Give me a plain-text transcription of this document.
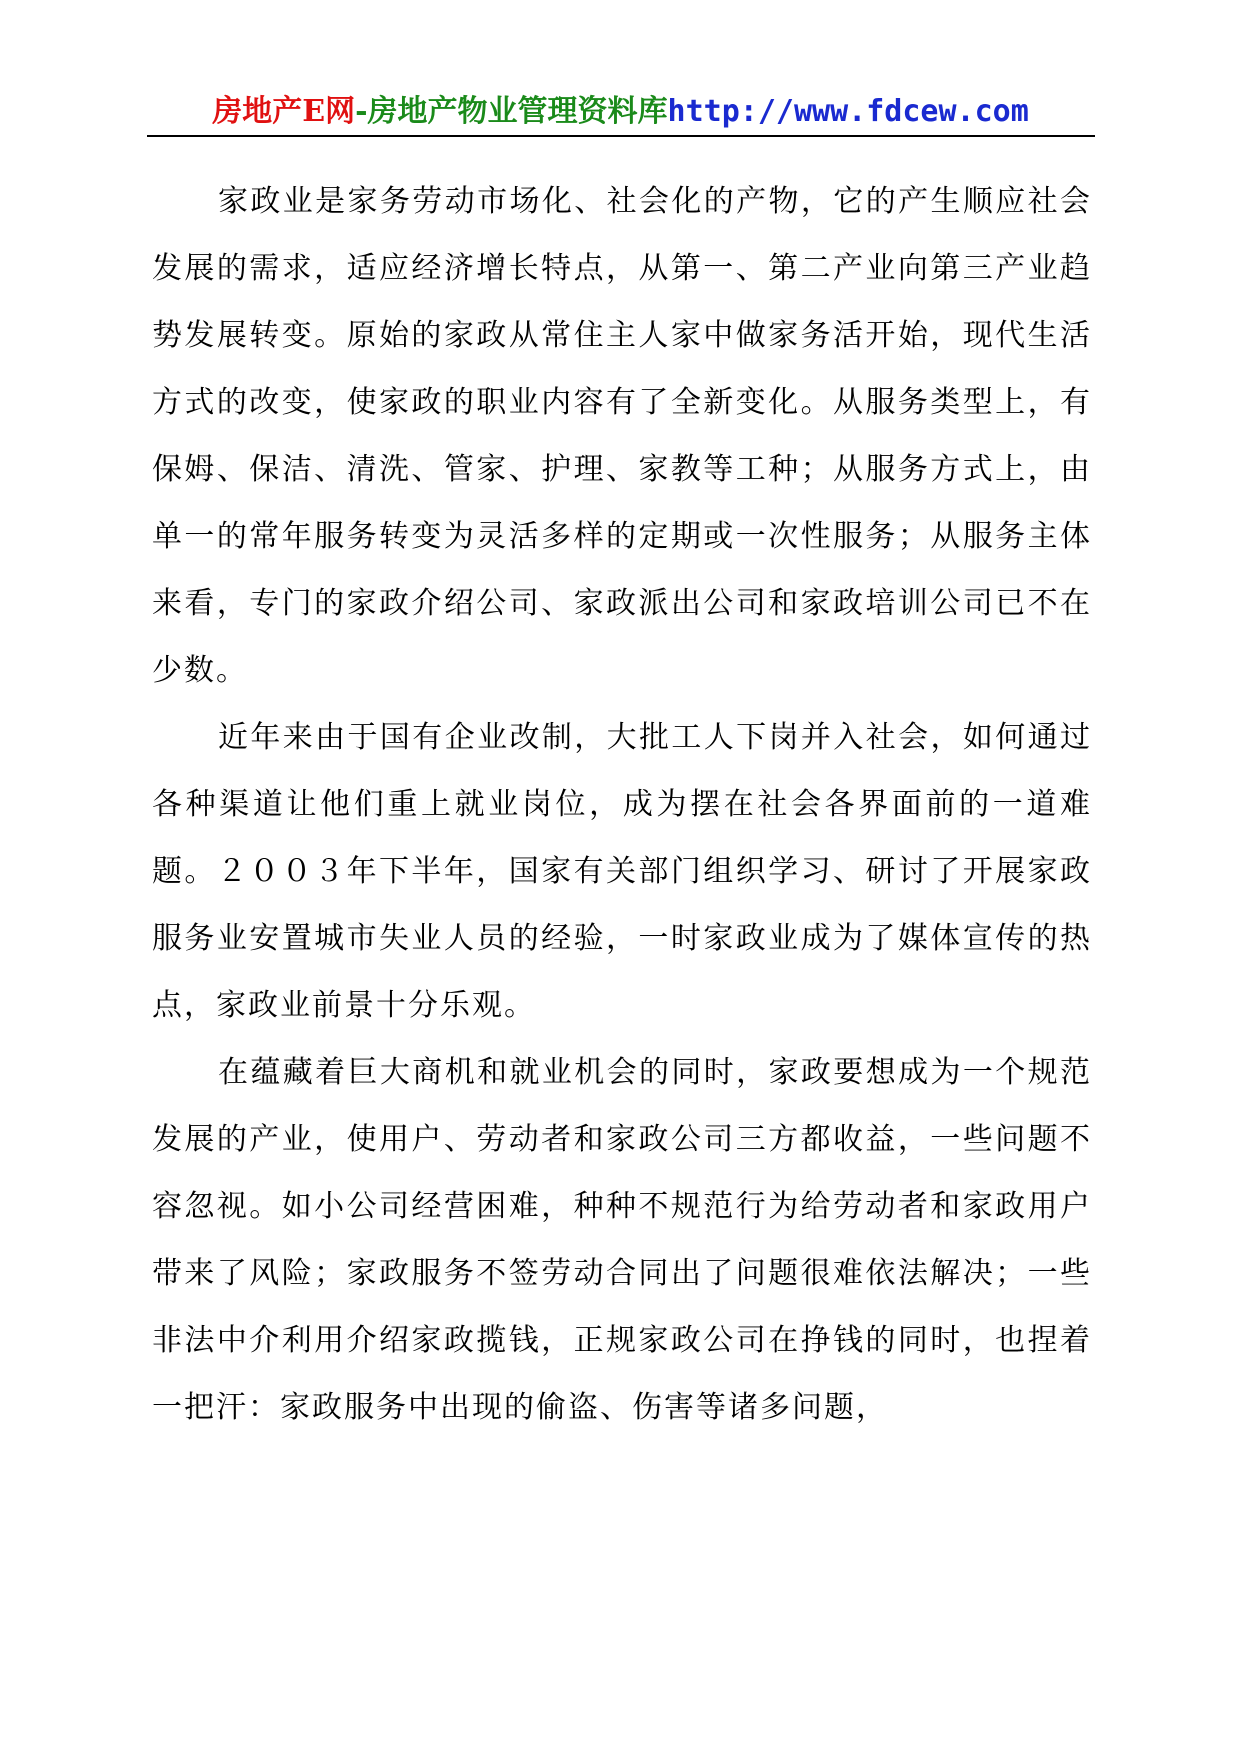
房地产E网-房地产物业管理资料库http://www.fdcew.com

家政业是家务劳动市场化、社会化的产物，它的产生顺应社会发展的需求，适应经济增长特点，从第一、第二产业向第三产业趋势发展转变。原始的家政从常住主人家中做家务活开始，现代生活方式的改变，使家政的职业内容有了全新变化。从服务类型上，有保姆、保洁、清洗、管家、护理、家教等工种；从服务方式上，由单一的常年服务转变为灵活多样的定期或一次性服务；从服务主体来看，专门的家政介绍公司、家政派出公司和家政培训公司已不在少数。

近年来由于国有企业改制，大批工人下岗并入社会，如何通过各种渠道让他们重上就业岗位，成为摆在社会各界面前的一道难题。２００３年下半年，国家有关部门组织学习、研讨了开展家政服务业安置城市失业人员的经验，一时家政业成为了媒体宣传的热点，家政业前景十分乐观。

在蕴藏着巨大商机和就业机会的同时，家政要想成为一个规范发展的产业，使用户、劳动者和家政公司三方都收益，一些问题不容忽视。如小公司经营困难，种种不规范行为给劳动者和家政用户带来了风险；家政服务不签劳动合同出了问题很难依法解决；一些非法中介利用介绍家政揽钱，正规家政公司在挣钱的同时，也捏着一把汗：家政服务中出现的偷盗、伤害等诸多问题，
